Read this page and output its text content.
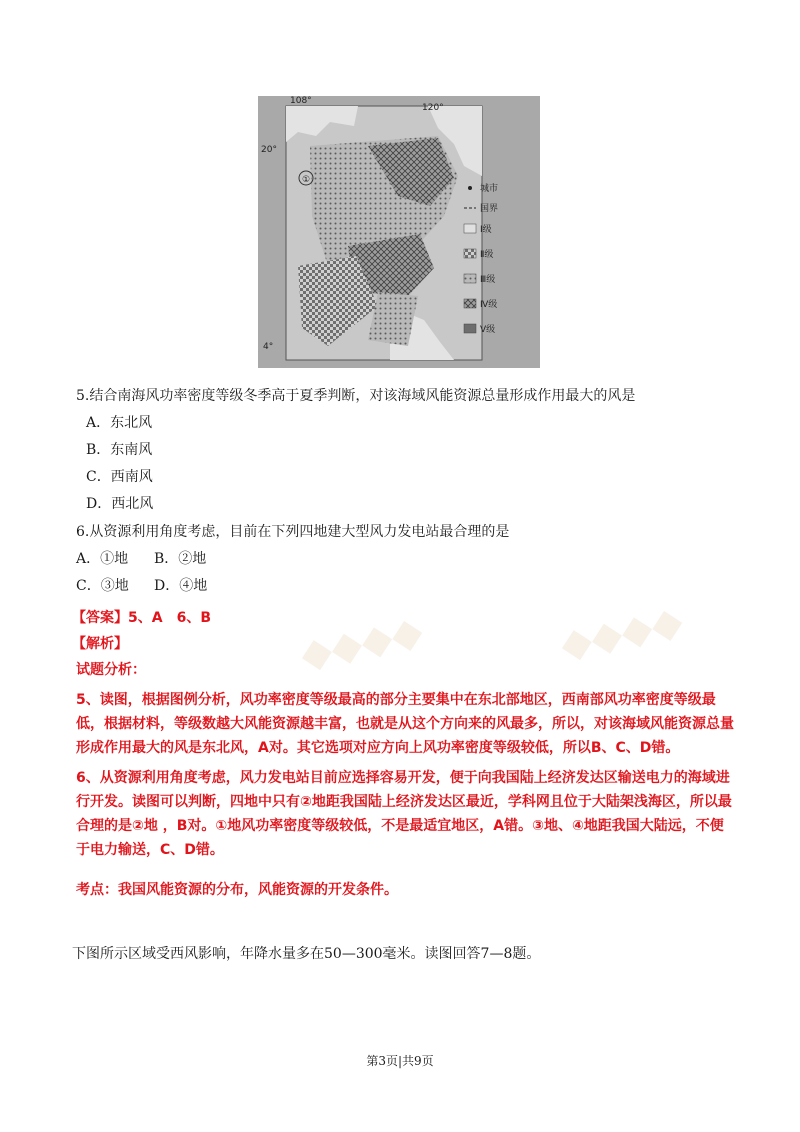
①
108°
120°
20°
4°
城市
国界
Ⅰ级
Ⅱ级
Ⅲ级
Ⅳ级
Ⅴ级
5.结合南海风功率密度等级冬季高于夏季判断，对该海域风能资源总量形成作用最大的风是
A．东北风
B．东南风
C．西南风
D．西北风
6.从资源利用角度考虑，目前在下列四地建大型风力发电站最合理的是
A．①地 B．②地
C．③地 D．④地
【答案】5、A　6、B
【解析】
试题分析：
5、读图，根据图例分析，风功率密度等级最高的部分主要集中在东北部地区，西南部风功率密度等级最低，根据材料，等级数越大风能资源越丰富，也就是从这个方向来的风最多，所以，对该海域风能资源总量形成作用最大的风是东北风，A对。其它选项对应方向上风功率密度等级较低，所以B、C、D错。
6、从资源利用角度考虑，风力发电站目前应选择容易开发，便于向我国陆上经济发达区输送电力的海域进行开发。读图可以判断，四地中只有②地距我国陆上经济发达区最近，学科网且位于大陆架浅海区，所以最合理的是②地 ，B对。①地风功率密度等级较低，不是最适宜地区，A错。③地、④地距我国大陆远，不便于电力输送，C、D错。
考点：我国风能资源的分布，风能资源的开发条件。
◆◆◆◆	◆◆◆◆
下图所示区域受西风影响，年降水量多在50—300毫米。读图回答7—8题。
第3页|共9页
